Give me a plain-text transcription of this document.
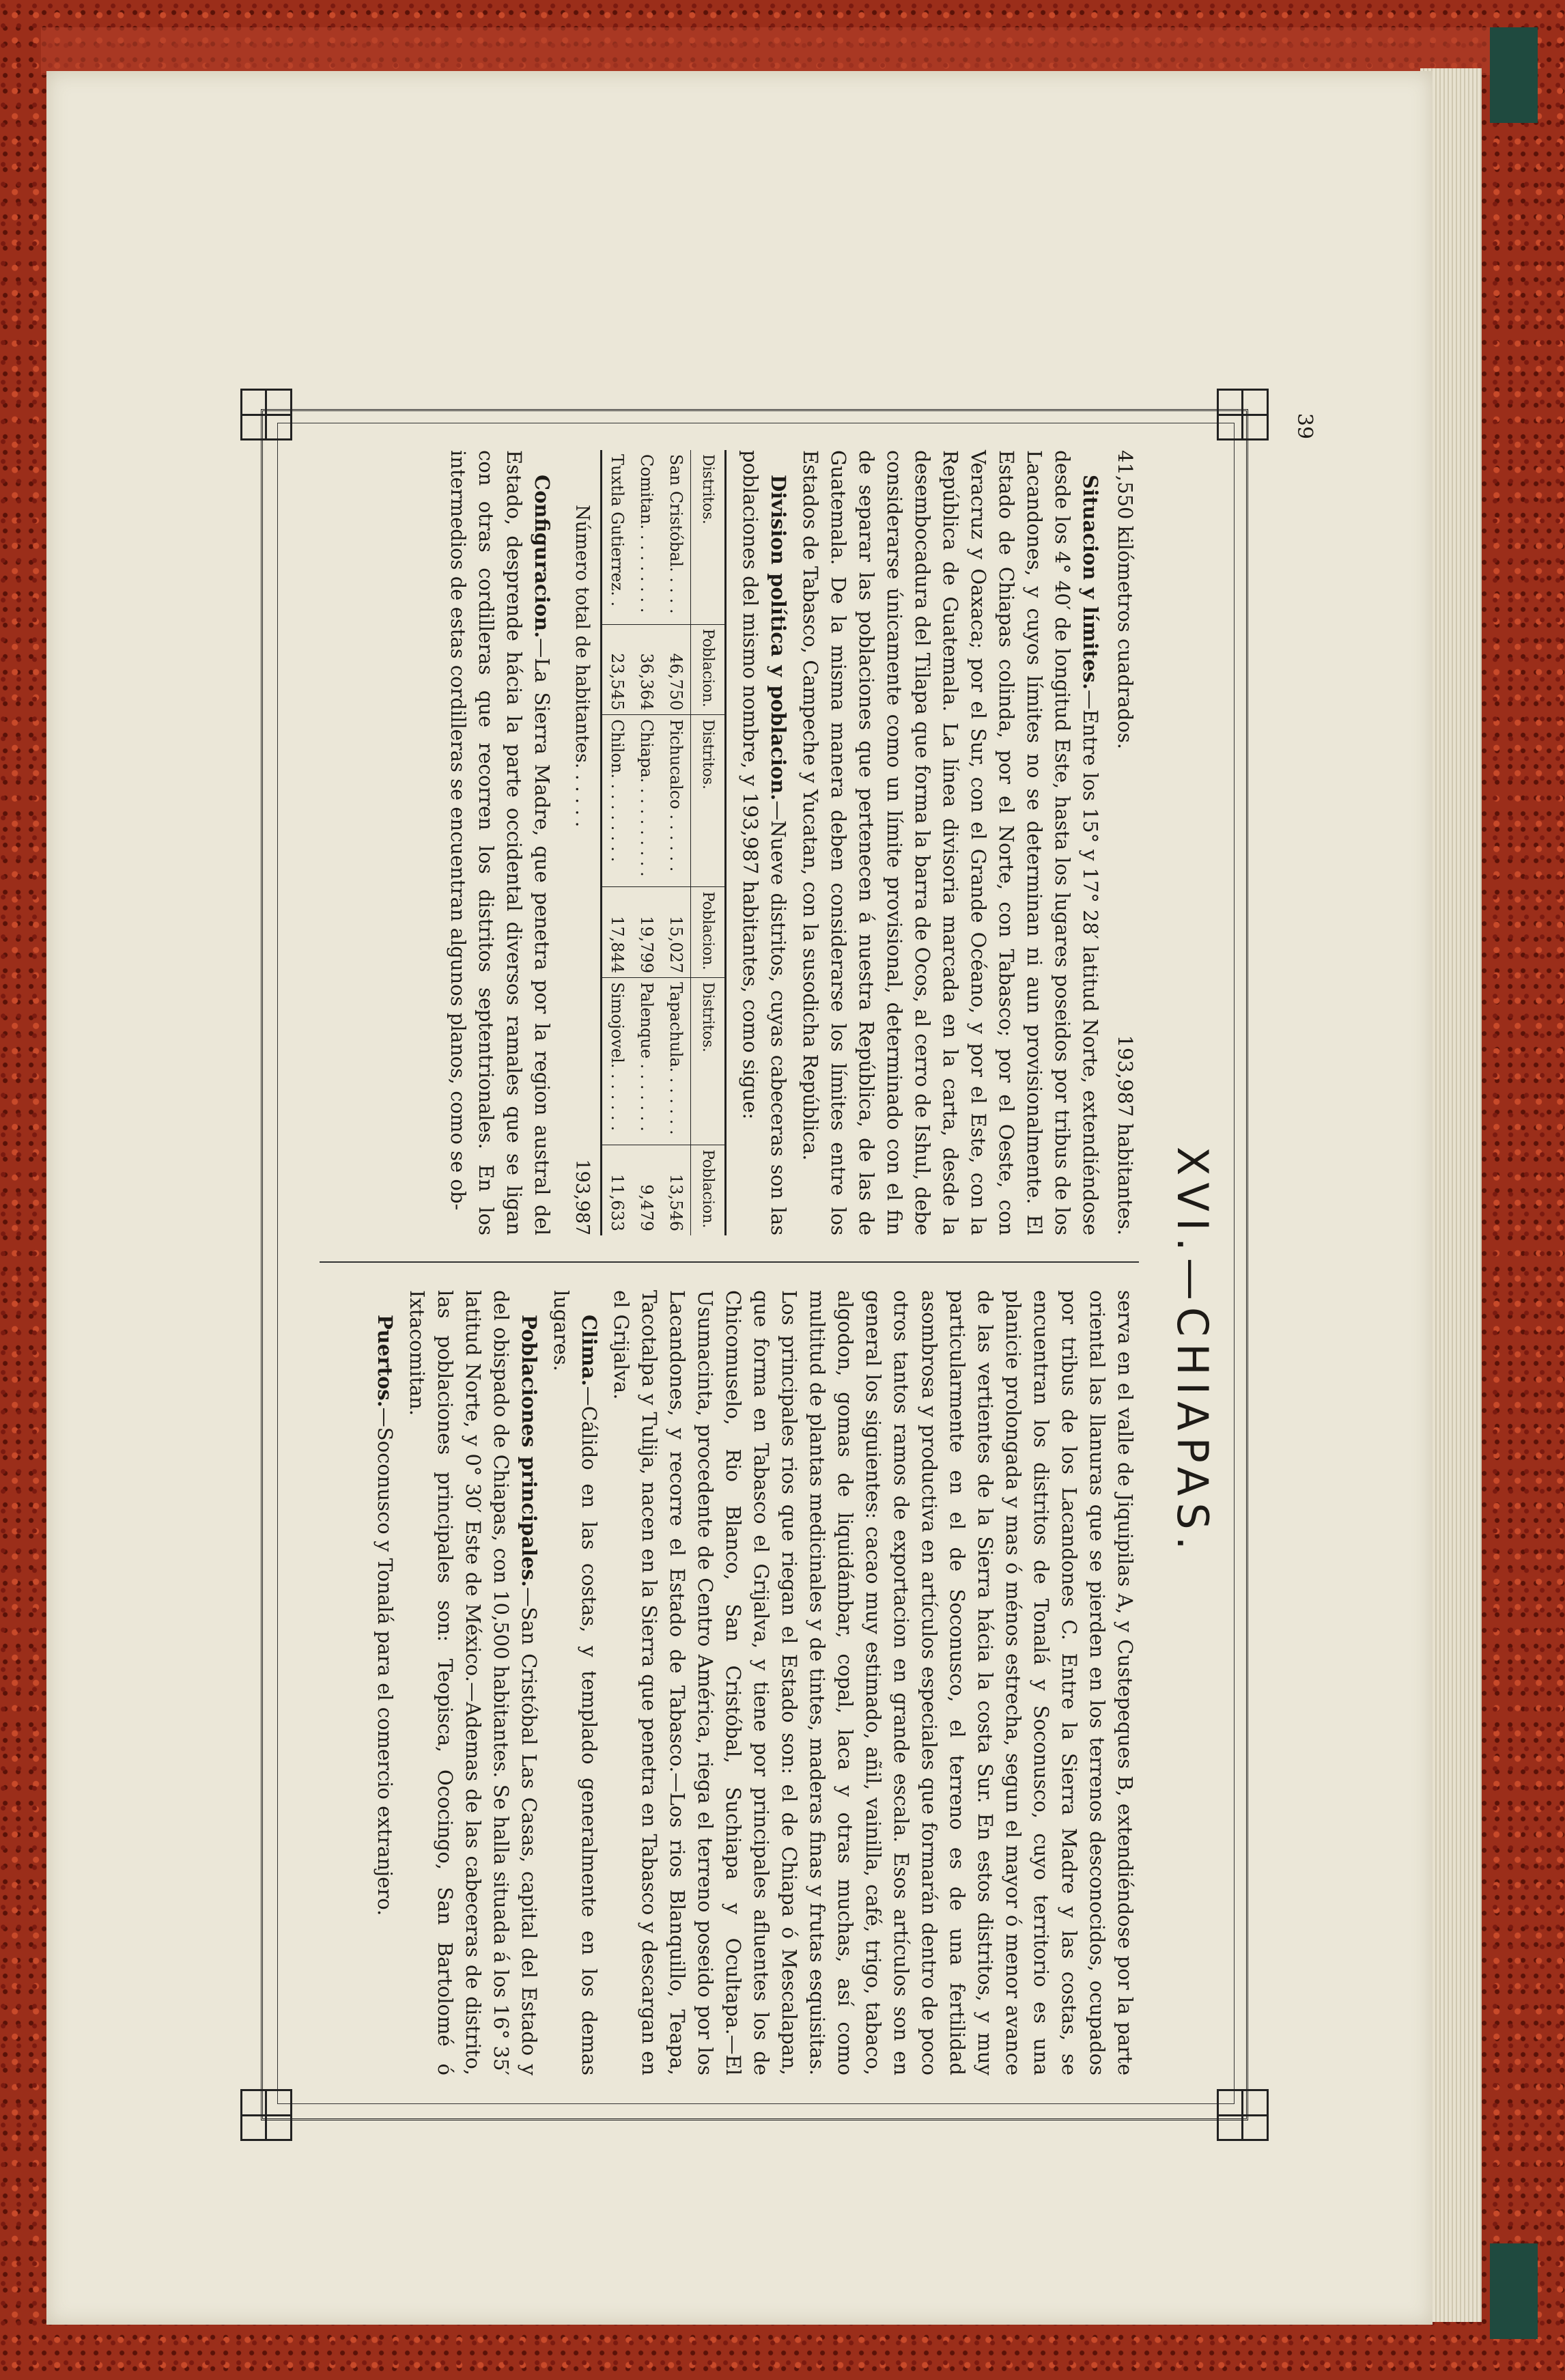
39
XVI.—CHIAPAS.
41,550 kilómetros cuadrados.
193,987 habitantes.

Situacion y límites.—Entre los 15° y 17° 28′ latitud Norte, extendiéndose desde los 4° 40′ de longitud Este, hasta los lugares poseidos por tribus de los Lacandones, y cuyos límites no se determinan ni aun provisionalmente. El Estado de Chiapas colinda, por el Norte, con Tabasco; por el Oeste, con Veracruz y Oaxaca; por el Sur, con el Grande Océano, y por el Este, con la República de Guatemala. La línea divisoria marcada en la carta, desde la desembocadura del Tilapa que forma la barra de Ocos, al cerro de Ishul, debe considerarse únicamente como un límite provisional, determinado con el fin de separar las poblaciones que pertenecen á nuestra República, de las de Guatemala. De la misma manera deben considerarse los límites entre los Estados de Tabasco, Campeche y Yucatan, con la susodicha República.

Division política y poblacion.—Nueve distritos, cuyas cabeceras son las poblaciones del mismo nombre, y 193,987 habitantes, como sigue:

Distritos.	Poblacion.	Distritos.	Poblacion.	Distritos.	Poblacion.
San Cristóbal. . . . .	46,750	Pichucalco . . . . . .	15,027	Tapachula. . . . . . .	13,546
Comitan. . . . . . . . .	36,364	Chiapa. . . . . . . . . .	19,799	Palenque . . . . . . .	9,479
Tuxtla Gutierrez. .	23,545	Chilon. . . . . . . . .	17,844	Simojovel. . . . . . .	11,633
Número total de habitantes. . . . . .
193,987

Configuracion.—La Sierra Madre, que penetra por la region austral del Estado, desprende hácia la parte occidental diversos ramales que se ligan con otras cordilleras que recorren los distritos septentrionales. En los intermedios de estas cordilleras se encuentran algunos planos, como se ob-

serva en el valle de Jiquipilas A, y Custepeques B, extendiéndose por la parte oriental las llanuras que se pierden en los terrenos desconocidos, ocupados por tribus de los Lacandones C. Entre la Sierra Madre y las costas, se encuentran los distritos de Tonalá y Soconusco, cuyo territorio es una planicie prolongada y mas ó ménos estrecha, segun el mayor ó menor avance de las vertientes de la Sierra hácia la costa Sur. En estos distritos, y muy particularmente en el de Soconusco, el terreno es de una fertilidad asombrosa y productiva en artículos especiales que formarán dentro de poco otros tantos ramos de exportacion en grande escala. Esos artículos son en general los siguientes: cacao muy estimado, añil, vainilla, café, trigo, tabaco, algodon, gomas de liquidámbar, copal, laca y otras muchas, así como multitud de plantas medicinales y de tintes, maderas finas y frutas esquisitas. Los principales rios que riegan el Estado son: el de Chiapa ó Mescalapan, que forma en Tabasco el Grijalva, y tiene por principales afluentes los de Chicomuselo, Rio Blanco, San Cristóbal, Suchiapa y Ocultapa.—El Usumacinta, procedente de Centro América, riega el terreno poseido por los Lacandones, y recorre el Estado de Tabasco.—Los rios Blanquillo, Teapa, Tacotalpa y Tulija, nacen en la Sierra que penetra en Tabasco y descargan en el Grijalva.

Clima.—Cálido en las costas, y templado generalmente en los demas lugares.

Poblaciones principales.—San Cristóbal Las Casas, capital del Estado y del obispado de Chiapas, con 10,500 habitantes. Se halla situada á los 16° 35′ latitud Norte, y 0° 30′ Este de México.—Ademas de las cabeceras de distrito, las poblaciones principales son: Teopisca, Ococingo, San Bartolomé ó Ixtacomitan.

Puertos.—Soconusco y Tonalá para el comercio extranjero.
